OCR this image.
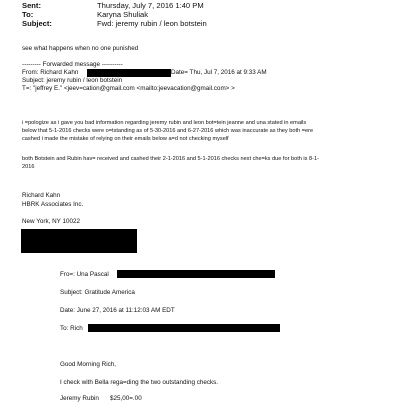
Sent:	Thursday, July 7, 2016 1:40 PM
To:	Karyna Shuliak
Subject:	Fwd: jeremy rubin / leon botstein
see what happens when no one punished
--------- Forwarded message ----------
From: Richard Kahn	Date= Thu, Jul 7, 2016 at 9:33 AM
Subject: jeremy rubin / leon botstein
T=: "jeffrey E." <jeev=cation@gmail.com <mailto:jeevacation@gmail.com> >
i =pologize as i gave you bad information regarding jeremy rubin and leon bot=tein jeanne and una stated in emails
below that 5-1-2016 checks were o=tstanding as of 5-30-2016 and 6-27-2016 which was inaccurate as they both =ere
cashed i made the mistake of relying on their emails below a=d not checking myself
both Botstein and Rubin hav= received and cashed their 2-1-2016 and 5-1-2016 checks next che=ks due for both is 8-1-
2016
Richard Kahn
HBRK Associates Inc.
New York, NY 10022
Fro=: Una Pascal
Subject: Gratitude America
Date: June 27, 2016 at 11:12:03 AM EDT
To: Rich
Good Morning Rich,
I check with Bella rega=ding the two outstanding checks.
Jeremy Rubin $25,00=.00
